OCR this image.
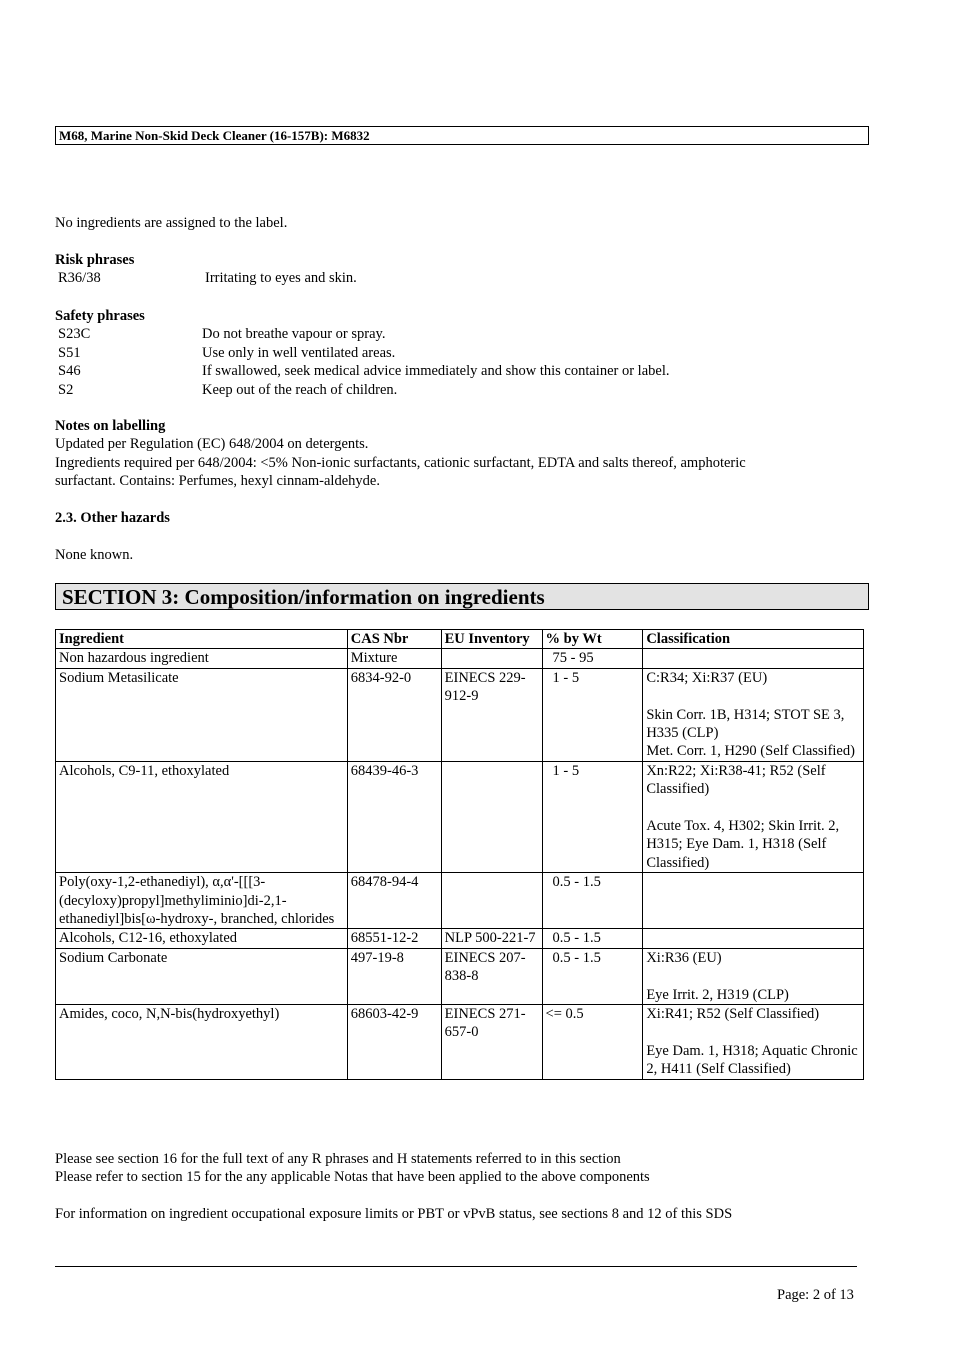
M68, Marine Non-Skid Deck Cleaner (16-157B): M6832
No ingredients are assigned to the label.
Risk phrases
R36/38	Irritating to eyes and skin.
Safety phrases
S23C	Do not breathe vapour or spray.
S51	Use only in well ventilated areas.
S46	If swallowed, seek medical advice immediately and show this container or label.
S2	Keep out of the reach of children.
Notes on labelling
Updated per Regulation (EC) 648/2004 on detergents.
Ingredients required per 648/2004: <5% Non-ionic surfactants, cationic surfactant, EDTA and salts thereof, amphoteric
surfactant. Contains: Perfumes, hexyl cinnam-aldehyde.
2.3. Other hazards
None known.
SECTION 3: Composition/information on ingredients
Ingredient	CAS Nbr	EU Inventory	% by Wt	Classification
Non hazardous ingredient	Mixture		75 - 95	
Sodium Metasilicate	6834-92-0	EINECS 229-912-9	1 - 5	C:R34; Xi:R37 (EU)
Skin Corr. 1B, H314; STOT SE 3, H335 (CLP)
Met. Corr. 1, H290 (Self Classified)

Alcohols, C9-11, ethoxylated	68439-46-3		1 - 5	Xn:R22; Xi:R38-41; R52 (Self Classified)
Acute Tox. 4, H302; Skin Irrit. 2, H315; Eye Dam. 1, H318 (Self Classified)

Poly(oxy-1,2-ethanediyl), α,α'-[[[3-(decyloxy)propyl]methyliminio]di-2,1-ethanediyl]bis[ω-hydroxy-, branched, chlorides	68478-94-4		0.5 - 1.5	
Alcohols, C12-16, ethoxylated	68551-12-2	NLP 500-221-7	0.5 - 1.5	
Sodium Carbonate	497-19-8	EINECS 207-838-8	0.5 - 1.5	Xi:R36 (EU)
Eye Irrit. 2, H319 (CLP)

Amides, coco, N,N-bis(hydroxyethyl)	68603-42-9	EINECS 271-657-0	<= 0.5	Xi:R41; R52 (Self Classified)
Eye Dam. 1, H318; Aquatic Chronic 2, H411 (Self Classified)
Please see section 16 for the full text of any R phrases and H statements referred to in this section
Please refer to section 15 for the any applicable Notas that have been applied to the above components
For information on ingredient occupational exposure limits or PBT or vPvB status, see sections 8 and 12 of this SDS
Page: 2 of 13
